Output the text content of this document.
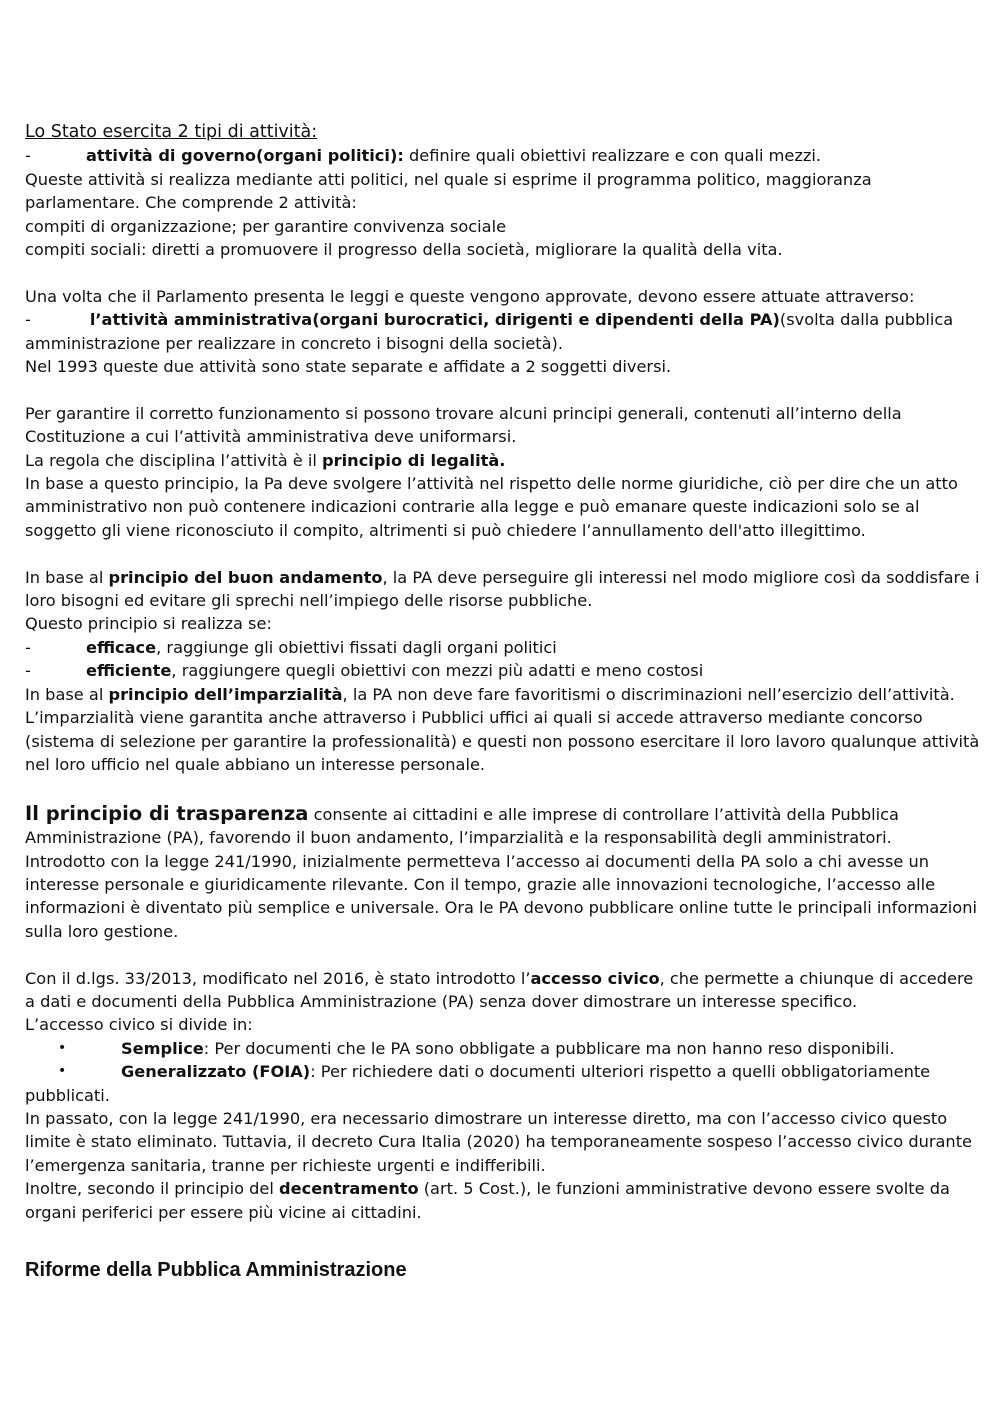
Lo Stato esercita 2 tipi di attività:

-	attività di governo(organi politici): definire quali obiettivi realizzare e con quali mezzi.

Queste attività si realizza mediante atti politici, nel quale si esprime il programma politico, maggioranza parlamentare. Che comprende 2 attività:

compiti di organizzazione; per garantire convivenza sociale

compiti sociali: diretti a promuovere il progresso della società, migliorare la qualità della vita.

Una volta che il Parlamento presenta le leggi e queste vengono approvate, devono essere attuate attraverso:

-	l’attività amministrativa(organi burocratici, dirigenti e dipendenti della PA)(svolta dalla pubblica amministrazione per realizzare in concreto i bisogni della società).

Nel 1993 queste due attività sono state separate e affidate a 2 soggetti diversi.

Per garantire il corretto funzionamento si possono trovare alcuni principi generali, contenuti all’interno della Costituzione a cui l’attività amministrativa deve uniformarsi.

La regola che disciplina l’attività è il principio di legalità.

In base a questo principio, la Pa deve svolgere l’attività nel rispetto delle norme giuridiche, ciò per dire che un atto amministrativo non può contenere indicazioni contrarie alla legge e può emanare queste indicazioni solo se al soggetto gli viene riconosciuto il compito, altrimenti si può chiedere l’annullamento dell'atto illegittimo.

In base al principio del buon andamento, la PA deve perseguire gli interessi nel modo migliore così da soddisfare i loro bisogni ed evitare gli sprechi nell’impiego delle risorse pubbliche.

Questo principio si realizza se:

-	efficace, raggiunge gli obiettivi fissati dagli organi politici

-	efficiente, raggiungere quegli obiettivi con mezzi più adatti e meno costosi

In base al principio dell’imparzialità, la PA non deve fare favoritismi o discriminazioni nell’esercizio dell’attività. L’imparzialità viene garantita anche attraverso i Pubblici uffici ai quali si accede attraverso mediante concorso (sistema di selezione per garantire la professionalità) e questi non possono esercitare il loro lavoro qualunque attività nel loro ufficio nel quale abbiano un interesse personale.

Il principio di trasparenza consente ai cittadini e alle imprese di controllare l’attività della Pubblica Amministrazione (PA), favorendo il buon andamento, l’imparzialità e la responsabilità degli amministratori.

Introdotto con la legge 241/1990, inizialmente permetteva l’accesso ai documenti della PA solo a chi avesse un interesse personale e giuridicamente rilevante. Con il tempo, grazie alle innovazioni tecnologiche, l’accesso alle informazioni è diventato più semplice e universale. Ora le PA devono pubblicare online tutte le principali informazioni sulla loro gestione.

Con il d.lgs. 33/2013, modificato nel 2016, è stato introdotto l’accesso civico, che permette a chiunque di accedere a dati e documenti della Pubblica Amministrazione (PA) senza dover dimostrare un interesse specifico.

L’accesso civico si divide in:

•	Semplice: Per documenti che le PA sono obbligate a pubblicare ma non hanno reso disponibili.

•	Generalizzato (FOIA): Per richiedere dati o documenti ulteriori rispetto a quelli obbligatoriamente

pubblicati.

In passato, con la legge 241/1990, era necessario dimostrare un interesse diretto, ma con l’accesso civico questo limite è stato eliminato. Tuttavia, il decreto Cura Italia (2020) ha temporaneamente sospeso l’accesso civico durante l’emergenza sanitaria, tranne per richieste urgenti e indifferibili.

Inoltre, secondo il principio del decentramento (art. 5 Cost.), le funzioni amministrative devono essere svolte da organi periferici per essere più vicine ai cittadini.

Riforme della Pubblica Amministrazione
